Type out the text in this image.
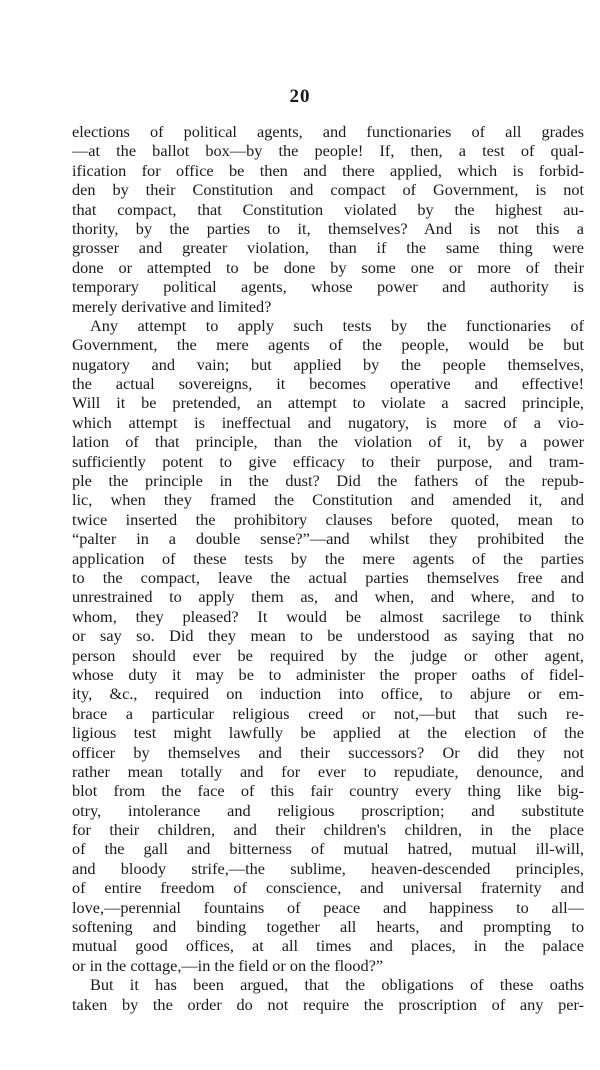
20
elections of political agents, and functionaries of all grades
—at the ballot box—by the people! If, then, a test of qual-
ification for office be then and there applied, which is forbid-
den by their Constitution and compact of Government, is not
that compact, that Constitution violated by the highest au-
thority, by the parties to it, themselves? And is not this a
grosser and greater violation, than if the same thing were
done or attempted to be done by some one or more of their
temporary political agents, whose power and authority is
merely derivative and limited?
Any attempt to apply such tests by the functionaries of
Government, the mere agents of the people, would be but
nugatory and vain; but applied by the people themselves,
the actual sovereigns, it becomes operative and effective!
Will it be pretended, an attempt to violate a sacred principle,
which attempt is ineffectual and nugatory, is more of a vio-
lation of that principle, than the violation of it, by a power
sufficiently potent to give efficacy to their purpose, and tram-
ple the principle in the dust? Did the fathers of the repub-
lic, when they framed the Constitution and amended it, and
twice inserted the prohibitory clauses before quoted, mean to
“palter in a double sense?”—and whilst they prohibited the
application of these tests by the mere agents of the parties
to the compact, leave the actual parties themselves free and
unrestrained to apply them as, and when, and where, and to
whom, they pleased? It would be almost sacrilege to think
or say so. Did they mean to be understood as saying that no
person should ever be required by the judge or other agent,
whose duty it may be to administer the proper oaths of fidel-
ity, &c., required on induction into office, to abjure or em-
brace a particular religious creed or not,—but that such re-
ligious test might lawfully be applied at the election of the
officer by themselves and their successors? Or did they not
rather mean totally and for ever to repudiate, denounce, and
blot from the face of this fair country every thing like big-
otry, intolerance and religious proscription; and substitute
for their children, and their children's children, in the place
of the gall and bitterness of mutual hatred, mutual ill-will,
and bloody strife,—the sublime, heaven-descended principles,
of entire freedom of conscience, and universal fraternity and
love,—perennial fountains of peace and happiness to all—
softening and binding together all hearts, and prompting to
mutual good offices, at all times and places, in the palace
or in the cottage,—in the field or on the flood?”
But it has been argued, that the obligations of these oaths
taken by the order do not require the proscription of any per-
